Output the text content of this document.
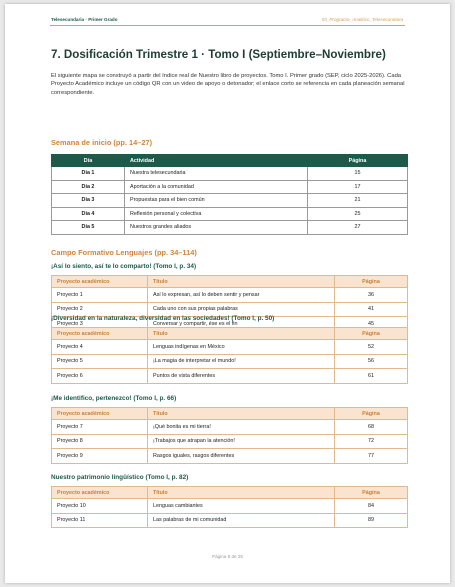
Telesecundaria · Primer Grado	03_Programa_Analitico_Telesecundaria
7. Dosificación Trimestre 1 · Tomo I (Septiembre–Noviembre)

El siguiente mapa se construyó a partir del índice real de Nuestro libro de proyectos. Tomo I. Primer grado (SEP, ciclo 2025-2026). Cada Proyecto Académico incluye un código QR con un video de apoyo o detonador; el enlace corto se referencia en cada planeación semanal correspondiente.

Semana de inicio (pp. 14–27)
Día	Actividad	Página
Día 1	Nuestra telesecundaria	15
Día 2	Aportación a la comunidad	17
Día 3	Propuestas para el bien común	21
Día 4	Reflexión personal y colectiva	25
Día 5	Nuestros grandes aliados	27
Campo Formativo Lenguajes (pp. 34–114)
¡Así lo siento, así te lo comparto! (Tomo I, p. 34)
Proyecto académico	Título	Página
Proyecto 1	Así lo expresan, así lo deben sentir y pensar	36
Proyecto 2	Cada uno con sus propias palabras	41
Proyecto 3	Conversar y compartir, ése es el fin	45
¡Diversidad en la naturaleza, diversidad en las sociedades! (Tomo I, p. 50)
Proyecto académico	Título	Página
Proyecto 4	Lenguas indígenas en México	52
Proyecto 5	¡La magia de interpretar el mundo!	56
Proyecto 6	Puntos de vista diferentes	61
¡Me identifico, pertenezco! (Tomo I, p. 66)
Proyecto académico	Título	Página
Proyecto 7	¡Qué bonita es mi tierra!	68
Proyecto 8	¡Trabajos que atrapan la atención!	72
Proyecto 9	Rasgos iguales, rasgos diferentes	77
Nuestro patrimonio lingüístico (Tomo I, p. 82)
Proyecto académico	Título	Página
Proyecto 10	Lenguas cambiantes	84
Proyecto 11	Las palabras de mi comunidad	89
Página 8 de 25
